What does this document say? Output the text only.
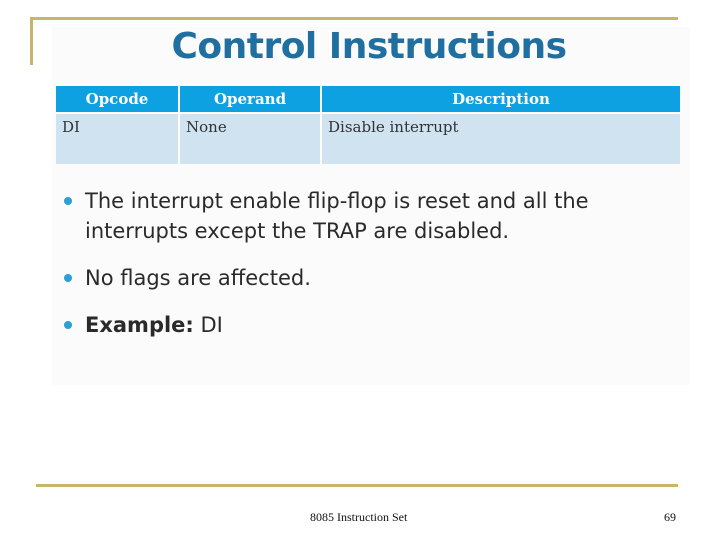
Control Instructions
Opcode	Operand	Description
DI	None	Disable interrupt
The interrupt enable flip-flop is reset and all the interrupts except the TRAP are disabled.
No flags are affected.
Example: DI
8085 Instruction Set	69
